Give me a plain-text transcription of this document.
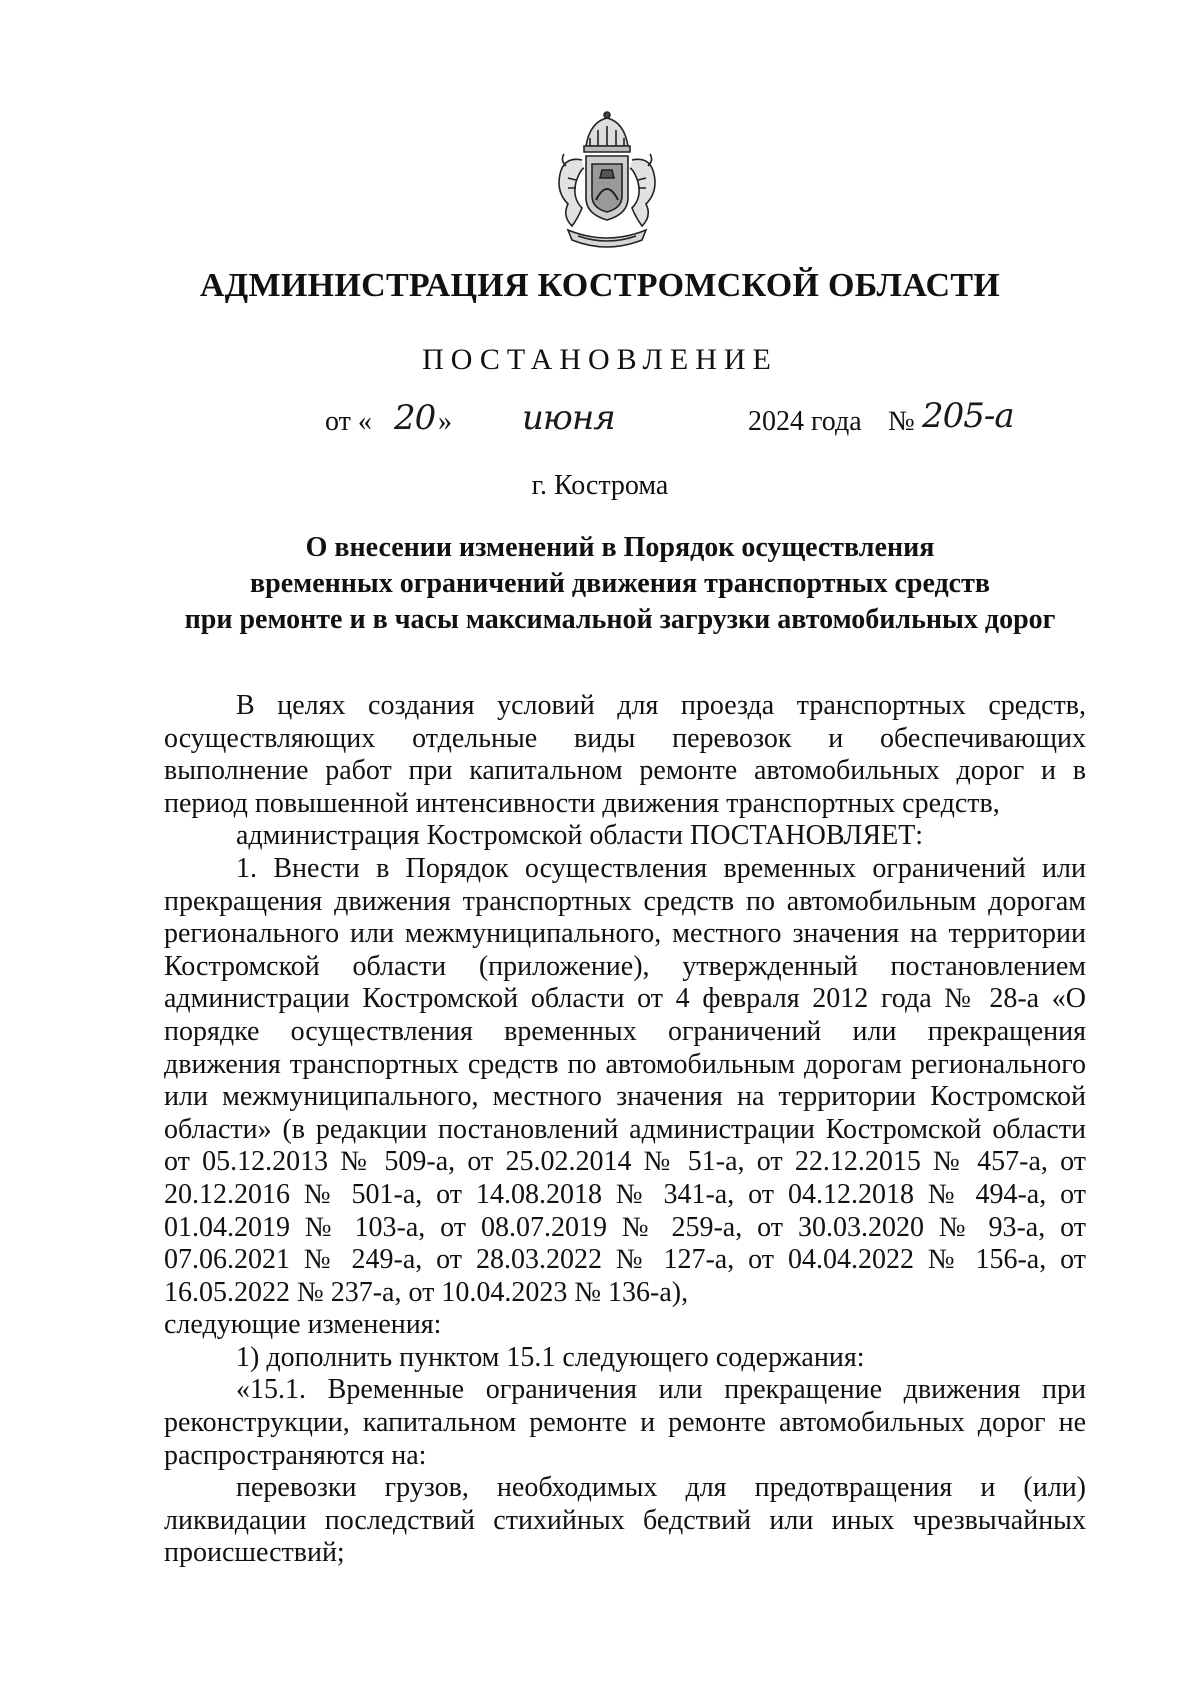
АДМИНИСТРАЦИЯ КОСТРОМСКОЙ ОБЛАСТИ
ПОСТАНОВЛЕНИЕ
от « 20 » июня	2024 года № 205-а
г. Кострома
О внесении изменений в Порядок осуществления
временных ограничений движения транспортных средств
при ремонте и в часы максимальной загрузки автомобильных дорог

В целях создания условий для проезда транспортных средств, осуществляющих отдельные виды перевозок и обеспечивающих выполнение работ при капитальном ремонте автомобильных дорог и в период повышенной интенсивности движения транспортных средств,

администрация Костромской области ПОСТАНОВЛЯЕТ:

1. Внести в Порядок осуществления временных ограничений или прекращения движения транспортных средств по автомобильным дорогам регионального или межмуниципального, местного значения на территории Костромской области (приложение), утвержденный постановлением администрации Костромской области от 4 февраля 2012 года № 28-а «О порядке осуществления временных ограничений или прекращения движения транспортных средств по автомобильным дорогам регионального или межмуниципального, местного значения на территории Костромской области» (в редакции постановлений администрации Костромской области от 05.12.2013 № 509-а, от 25.02.2014 № 51-а, от 22.12.2015 № 457-а, от 20.12.2016 № 501-а, от 14.08.2018 № 341-а, от 04.12.2018 № 494-а, от 01.04.2019 № 103-а, от 08.07.2019 № 259-а, от 30.03.2020 № 93-а, от 07.06.2021 № 249-а, от 28.03.2022 № 127-а, от 04.04.2022 № 156-а, от 16.05.2022 № 237-а, от 10.04.2023 № 136-а),

следующие изменения:

1) дополнить пунктом 15.1 следующего содержания:

«15.1. Временные ограничения или прекращение движения при реконструкции, капитальном ремонте и ремонте автомобильных дорог не распространяются на:

перевозки грузов, необходимых для предотвращения и (или) ликвидации последствий стихийных бедствий или иных чрезвычайных происшествий;
